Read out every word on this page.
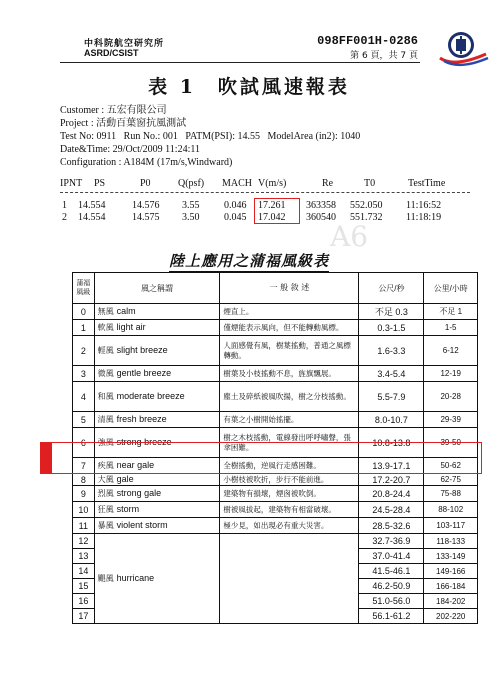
中科院航空研究所
ASRD/CSIST
098FF001H-0286
第 6 頁，共 7 頁
表 1　吹試風速報表
Customer : 五宏有限公司
Project : 活動百葉窗抗風測試
Test No: 0911   Run No.: 001   PATM(PSI): 14.55   ModelArea (in2): 1040
Date&Time: 29/Oct/2009 11:24:11
Configuration : A184M (17m/s,Windward)
IPNT PS	P0	Q(psf) MACH V(m/s)	Re	T0	TestTime
1 14.554	14.576 3.55 0.046 17.261 363358 552.050 11:16:52
2 14.554	14.575 3.50 0.045 17.042 360540 551.732 11:18:19
A6
陸上應用之蒲福風級表
蒲福風級	風之稱謂	一 般 敘 述	公尺/秒	公里/小時
0	無風 calm	煙直上。	不足 0.3	不足 1
1	軟風 light air	僅煙能表示風向，但不能轉動風標。	0.3-1.5	1-5
2	輕風 slight breeze	人面感覺有風，樹葉搖動，普通之風標轉動。	1.6-3.3	6-12
3	微風 gentle breeze	樹葉及小枝搖動不息，旌旗飄展。	3.4-5.4	12-19
4	和風 moderate breeze	塵土及碎紙被風吹揚，樹之分枝搖動。	5.5-7.9	20-28
5	清風 fresh breeze	有葉之小樹開始搖擺。	8.0-10.7	29-39
6	強風 strong breeze	樹之木枝搖動，電線發出呼呼嘯聲，張傘困難。	10.8-13.8	39-50
7	疾風 near gale	全樹搖動，逆風行走感困難。	13.9-17.1	50-62
8	大風 gale	小樹枝被吹折，步行不能前進。	17.2-20.7	62-75
9	烈風 strong gale	建築物有損壞，煙囪被吹倒。	20.8-24.4	75-88
10	狂風 storm	樹被風拔起，建築物有相當破壞。	24.5-28.4	88-102
11	暴風 violent storm	極少見，如出現必有重大災害。	28.5-32.6	103-117
12	颶風 hurricane		32.7-36.9	118-133
13			37.0-41.4	133-149
14			41.5-46.1	149-166
15			46.2-50.9	166-184
16			51.0-56.0	184-202
17			56.1-61.2	202-220
